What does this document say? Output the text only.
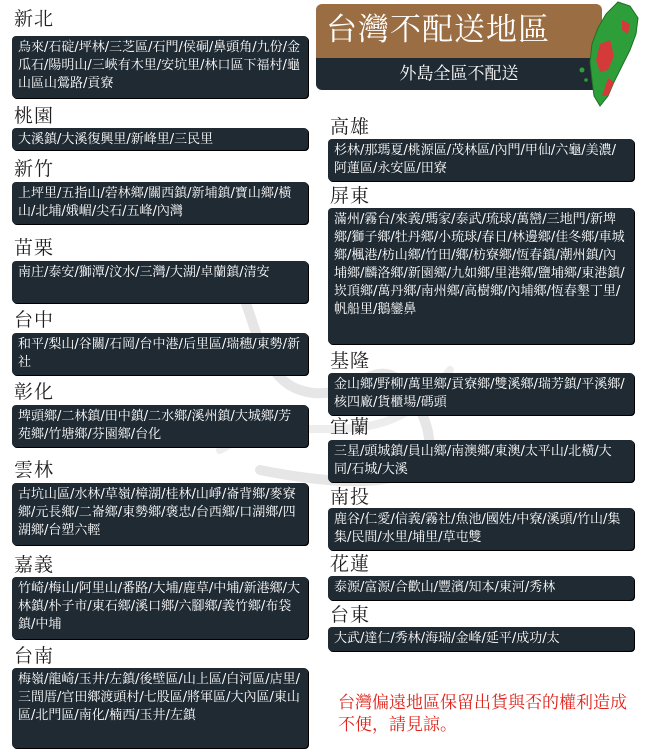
台灣不配送地區
外島全區不配送
新北
烏來/石碇/坪林/三芝區/石門/侯硐/鼻頭角/九份/金瓜石/陽明山/三峽有木里/安坑里/林口區下福村/龜山區山鶯路/貢寮
桃園
大溪鎮/大溪復興里/新峰里/三民里
新竹
上坪里/五指山/菪林鄉/關西鎮/新埔鎮/寶山鄉/橫山/北埔/娥嵋/尖石/五峰/內灣
苗栗
南庄/泰安/獅潭/汶水/三灣/大湖/卓蘭鎮/清安
台中
和平/梨山/谷關/石岡/台中港/后里區/瑞穗/東勢/新社
彰化
埤頭鄉/二林鎮/田中鎮/二水鄉/溪州鎮/大城鄉/芳苑鄉/竹塘鄉/芬園鄉/台化
雲林
古坑山區/水林/草嶺/樟湖/桂林/山崢/崙背鄉/麥寮鄉/元長鄉/二崙鄉/東勢鄉/褒忠/台西鄉/口湖鄉/四湖鄉/台塑六輕
嘉義
竹崎/梅山/阿里山/番路/大埔/鹿草/中埔/新港鄉/大林鎮/朴子市/東石鄉/溪口鄉/六腳鄉/義竹鄉/布袋鎮/中埔
台南
梅嶺/龍崎/玉井/左鎮/後壁區/山上區/白河區/店里/三間厝/官田鄉渡頭村/七股區/將軍區/大內區/東山區/北門區/南化/楠西/玉井/左鎮
高雄
杉林/那瑪夏/桃源區/茂林區/內門/甲仙/六龜/美濃/阿蓮區/永安區/田寮
屏東
滿州/霧台/來義/瑪家/泰武/琉球/萬巒/三地門/新埤鄉/獅子鄉/牡丹鄉/小琉球/春日/林邊鄉/佳冬鄉/車城鄉/楓港/枋山鄉/竹田/鄉/枋寮鄉/恆春鎮/潮州鎮/內埔鄉/麟洛鄉/新園鄉/九如鄉/里港鄉/鹽埔鄉/東港鎮/崁頂鄉/萬丹鄉/南州鄉/高樹鄉/內埔鄉/恆春墾丁里/帆船里/鵝鑾鼻
基隆
金山鄉/野柳/萬里鄉/貢寮鄉/雙溪鄉/瑞芳鎮/平溪鄉/核四廠/貨櫃場/碼頭
宜蘭
三星/頭城鎮/員山鄉/南澳鄉/東澳/太平山/北橫/大同/石城/大溪
南投
鹿谷/仁愛/信義/霧社/魚池/國姓/中寮/溪頭/竹山/集集/民間/水里/埔里/草屯雙
花蓮
泰源/富源/合歡山/豐濱/知本/東河/秀林
台東
大武/達仁/秀林/海瑞/金峰/延平/成功/太
台灣偏遠地區保留出貨與否的權利造成不便，請見諒。
